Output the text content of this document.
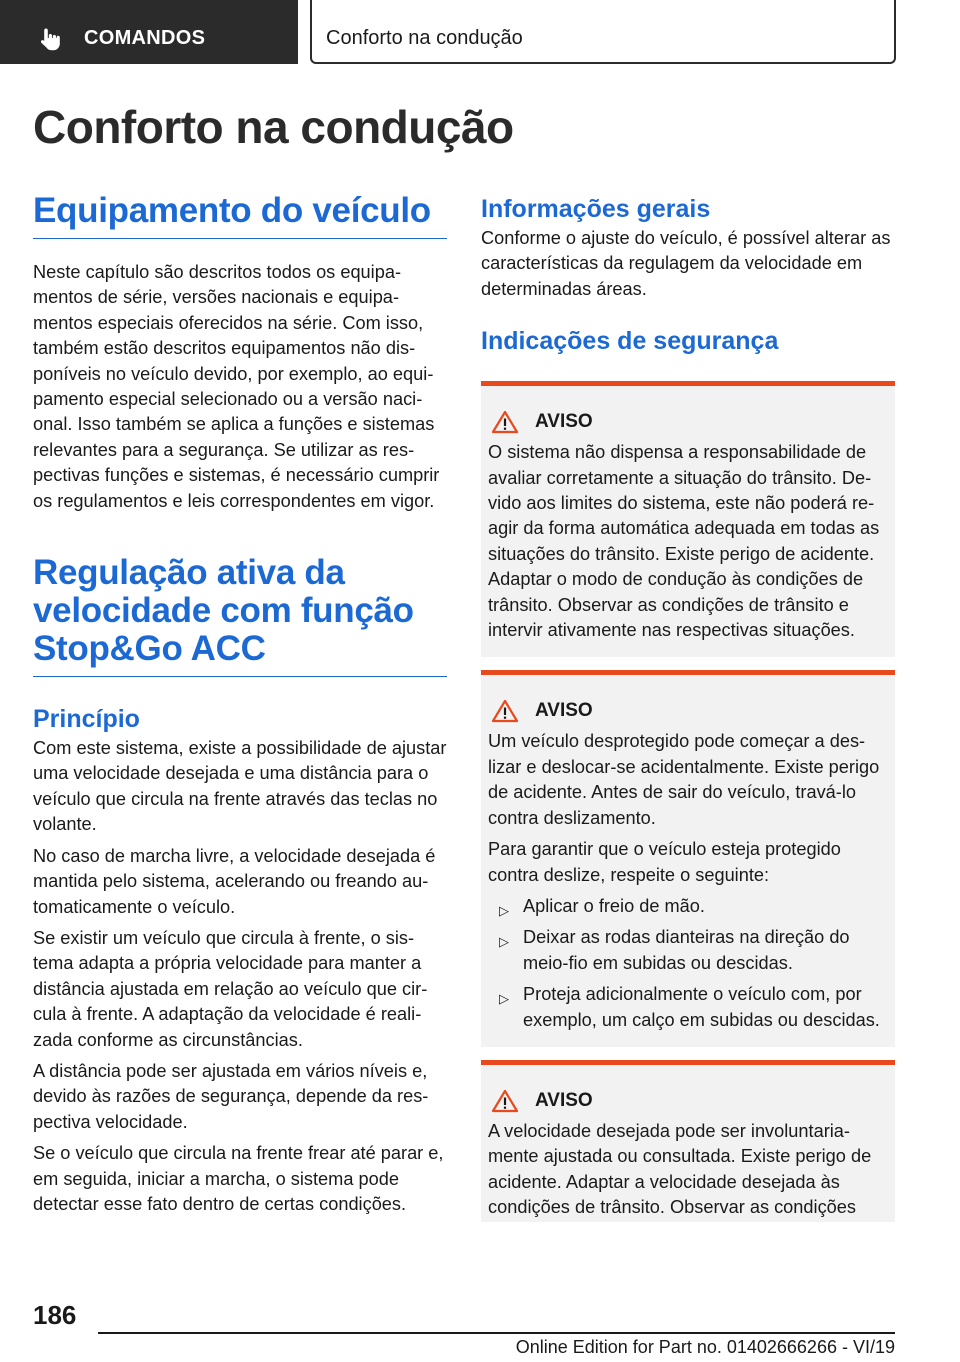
COMANDOS	Conforto na condução
Conforto na condução
Equipamento do veículo

Neste capítulo são descritos todos os equipamentos de série, versões nacionais e equipamentos especiais oferecidos na série. Com isso, também estão descritos equipamentos não disponíveis no veículo devido, por exemplo, ao equipamento especial selecionado ou a versão nacional. Isso também se aplica a funções e sistemas relevantes para a segurança. Se utilizar as respectivas funções e sistemas, é necessário cumprir os regulamentos e leis correspondentes em vigor.

Regulação ativa da velocidade com função Stop&Go ACC
Princípio

Com este sistema, existe a possibilidade de ajustar uma velocidade desejada e uma distância para o veículo que circula na frente através das teclas no volante.

No caso de marcha livre, a velocidade desejada é mantida pelo sistema, acelerando ou freando automaticamente o veículo.

Se existir um veículo que circula à frente, o sistema adapta a própria velocidade para manter a distância ajustada em relação ao veículo que circula à frente. A adaptação da velocidade é realizada conforme as circunstâncias.

A distância pode ser ajustada em vários níveis e, devido às razões de segurança, depende da respectiva velocidade.

Se o veículo que circula na frente frear até parar e, em seguida, iniciar a marcha, o sistema pode detectar esse fato dentro de certas condições.

Informações gerais

Conforme o ajuste do veículo, é possível alterar as características da regulagem da velocidade em determinadas áreas.

Indicações de segurança
AVISO

O sistema não dispensa a responsabilidade de avaliar corretamente a situação do trânsito. Devido aos limites do sistema, este não poderá reagir da forma automática adequada em todas as situações do trânsito. Existe perigo de acidente. Adaptar o modo de condução às condições de trânsito. Observar as condições de trânsito e intervir ativamente nas respectivas situações.

AVISO

Um veículo desprotegido pode começar a deslizar e deslocar-se acidentalmente. Existe perigo de acidente. Antes de sair do veículo, travá-lo contra deslizamento.

Para garantir que o veículo esteja protegido contra deslize, respeite o seguinte:

▷ Aplicar o freio de mão.
▷ Deixar as rodas dianteiras na direção do meio-fio em subidas ou descidas.
▷ Proteja adicionalmente o veículo com, por exemplo, um calço em subidas ou descidas.
AVISO

A velocidade desejada pode ser involuntariamente ajustada ou consultada. Existe perigo de acidente. Adaptar a velocidade desejada às condições de trânsito. Observar as condições

186
Online Edition for Part no. 01402666266 - VI/19
